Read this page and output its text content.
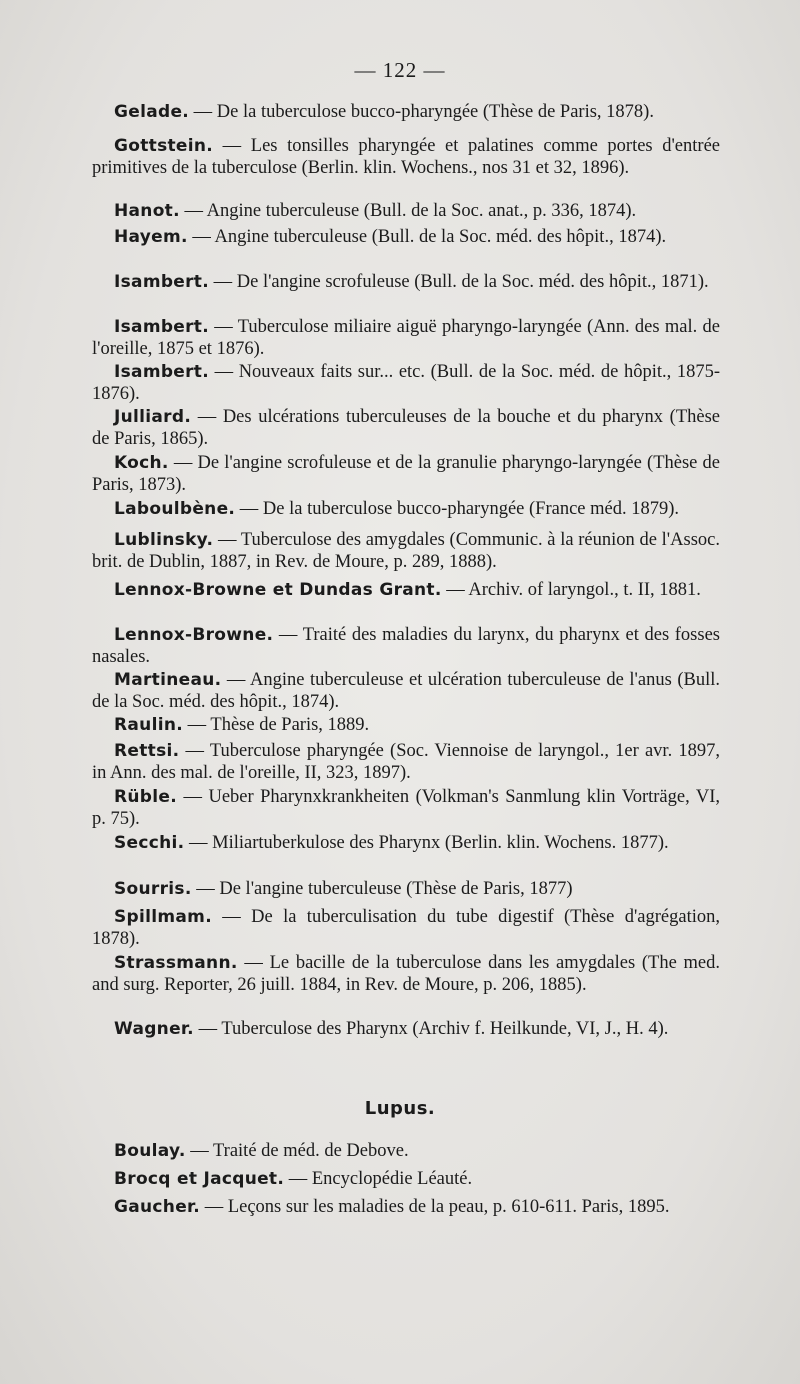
— 122 —
Gelade. — De la tuberculose bucco-pharyngée (Thèse de Paris, 1878).
Gottstein. — Les tonsilles pharyngée et palatines comme portes d'entrée primitives de la tuberculose (Berlin. klin. Wochens., nos 31 et 32, 1896).
Hanot. — Angine tuberculeuse (Bull. de la Soc. anat., p. 336, 1874).
Hayem. — Angine tuberculeuse (Bull. de la Soc. méd. des hôpit., 1874).
Isambert. — De l'angine scrofuleuse (Bull. de la Soc. méd. des hôpit., 1871).
Isambert. — Tuberculose miliaire aiguë pharyngo-laryngée (Ann. des mal. de l'oreille, 1875 et 1876).
Isambert. — Nouveaux faits sur... etc. (Bull. de la Soc. méd. de hôpit., 1875-1876).
Julliard. — Des ulcérations tuberculeuses de la bouche et du pharynx (Thèse de Paris, 1865).
Koch. — De l'angine scrofuleuse et de la granulie pharyngo-laryngée (Thèse de Paris, 1873).
Laboulbène. — De la tuberculose bucco-pharyngée (France méd. 1879).
Lublinsky. — Tuberculose des amygdales (Communic. à la réunion de l'Assoc. brit. de Dublin, 1887, in Rev. de Moure, p. 289, 1888).
Lennox-Browne et Dundas Grant. — Archiv. of laryngol., t. II, 1881.
Lennox-Browne. — Traité des maladies du larynx, du pharynx et des fosses nasales.
Martineau. — Angine tuberculeuse et ulcération tuberculeuse de l'anus (Bull. de la Soc. méd. des hôpit., 1874).
Raulin. — Thèse de Paris, 1889.
Rettsi. — Tuberculose pharyngée (Soc. Viennoise de laryngol., 1er avr. 1897, in Ann. des mal. de l'oreille, II, 323, 1897).
Rüble. — Ueber Pharynxkrankheiten (Volkman's Sanmlung klin Vorträge, VI, p. 75).
Secchi. — Miliartuberkulose des Pharynx (Berlin. klin. Wochens. 1877).
Sourris. — De l'angine tuberculeuse (Thèse de Paris, 1877)
Spillmam. — De la tuberculisation du tube digestif (Thèse d'agrégation, 1878).
Strassmann. — Le bacille de la tuberculose dans les amygdales (The med. and surg. Reporter, 26 juill. 1884, in Rev. de Moure, p. 206, 1885).
Wagner. — Tuberculose des Pharynx (Archiv f. Heilkunde, VI, J., H. 4).
Lupus.
Boulay. — Traité de méd. de Debove.
Brocq et Jacquet. — Encyclopédie Léauté.
Gaucher. — Leçons sur les maladies de la peau, p. 610-611. Paris, 1895.
